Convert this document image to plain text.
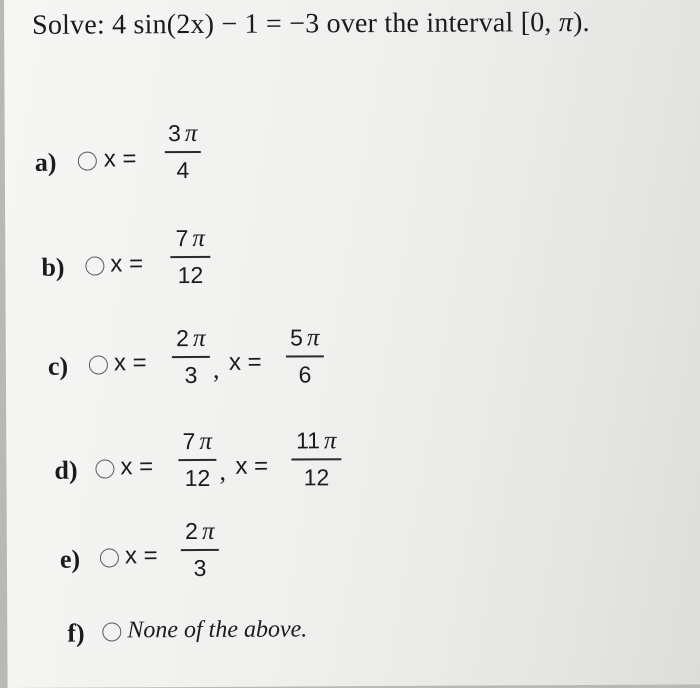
Solve: 4 sin(2x) − 1 = −3 over the interval [0, π).
a) x =
3 π
4
b) x =
7 π
12
c) x =
2 π
3 , x =
5 π
6
d) x =
7 π
12 , x =
11 π
12
e) x =
2 π
3
f) None of the above.
